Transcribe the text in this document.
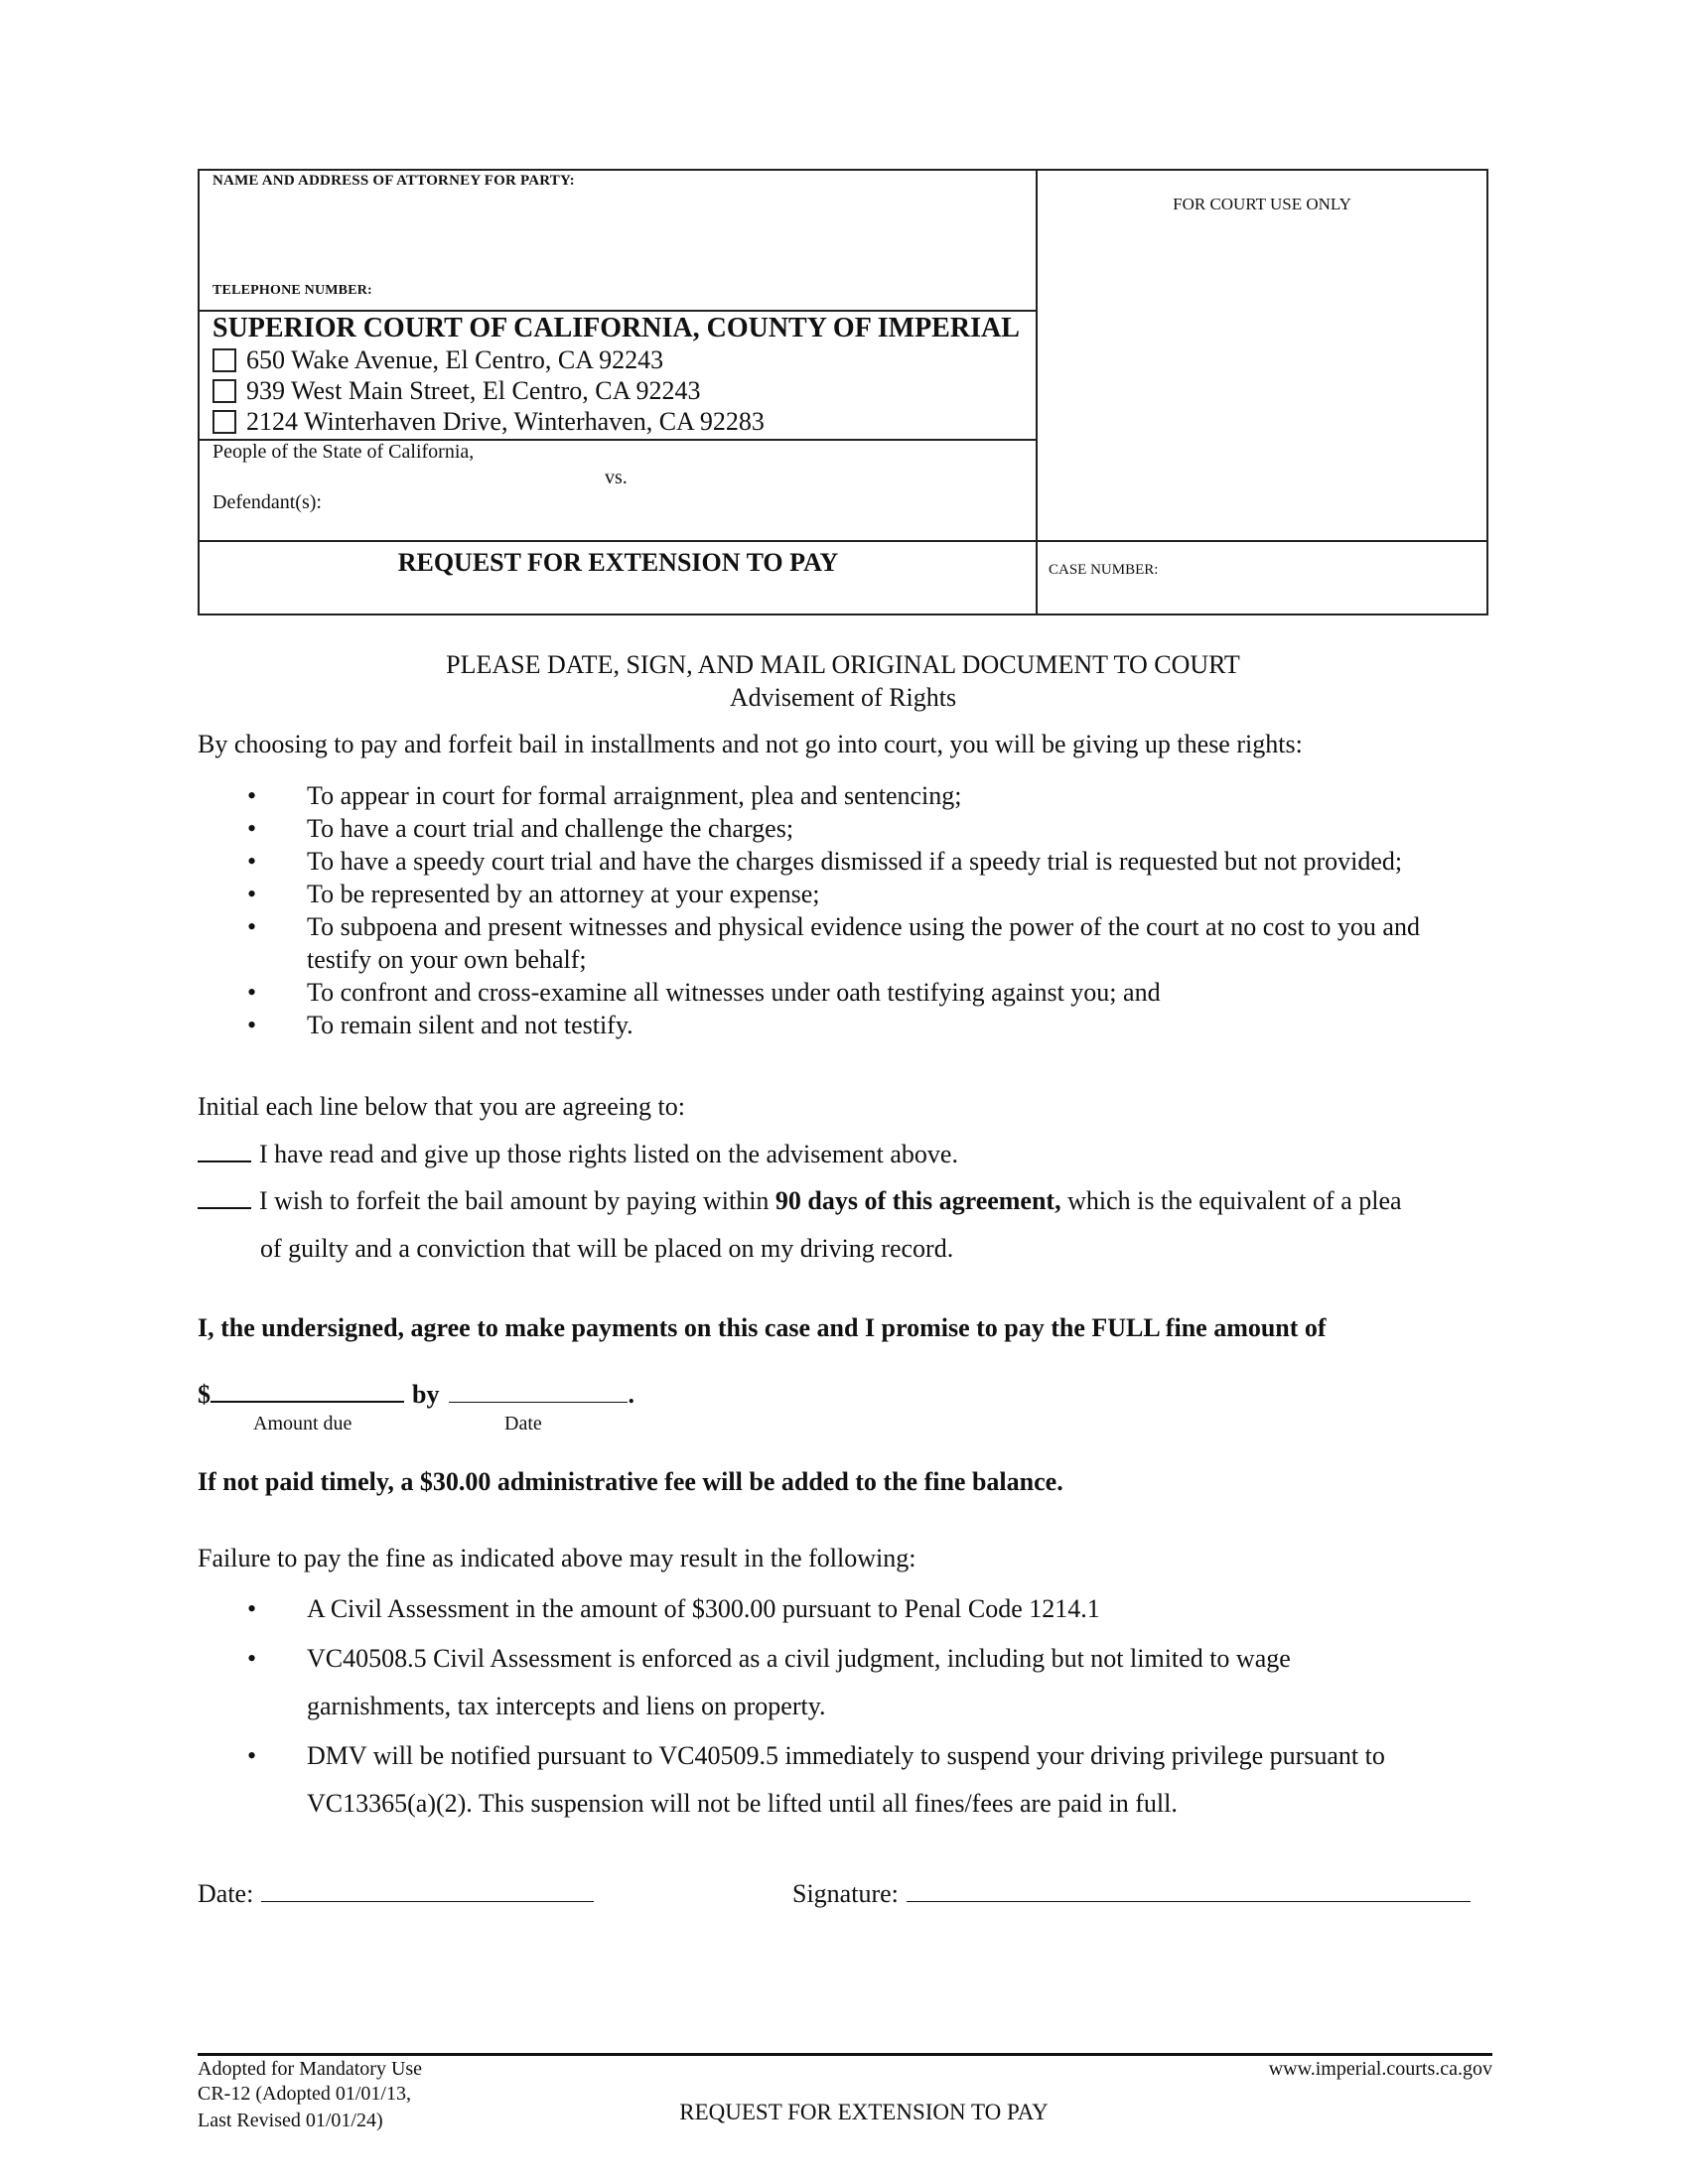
NAME AND ADDRESS OF ATTORNEY FOR PARTY:
TELEPHONE NUMBER:
FOR COURT USE ONLY
SUPERIOR COURT OF CALIFORNIA, COUNTY OF IMPERIAL
650 Wake Avenue, El Centro, CA 92243
939 West Main Street, El Centro, CA 92243
2124 Winterhaven Drive, Winterhaven, CA 92283
People of the State of California,
vs.
Defendant(s):
REQUEST FOR EXTENSION TO PAY	CASE NUMBER:
PLEASE DATE, SIGN, AND MAIL ORIGINAL DOCUMENT TO COURT
Advisement of Rights
By choosing to pay and forfeit bail in installments and not go into court, you will be giving up these rights:
• To appear in court for formal arraignment, plea and sentencing;
• To have a court trial and challenge the charges;
• To have a speedy court trial and have the charges dismissed if a speedy trial is requested but not provided;
• To be represented by an attorney at your expense;
• To subpoena and present witnesses and physical evidence using the power of the court at no cost to you and testify on your own behalf;
• To confront and cross-examine all witnesses under oath testifying against you; and
• To remain silent and not testify.
Initial each line below that you are agreeing to:
I have read and give up those rights listed on the advisement above.
I wish to forfeit the bail amount by paying within 90 days of this agreement, which is the equivalent of a plea
of guilty and a conviction that will be placed on my driving record.
I, the undersigned, agree to make payments on this case and I promise to pay the FULL fine amount of
$	by	.
Amount due	Date
If not paid timely, a $30.00 administrative fee will be added to the fine balance.
Failure to pay the fine as indicated above may result in the following:
• A Civil Assessment in the amount of $300.00 pursuant to Penal Code 1214.1
• VC40508.5 Civil Assessment is enforced as a civil judgment, including but not limited to wage garnishments, tax intercepts and liens on property.
• DMV will be notified pursuant to VC40509.5 immediately to suspend your driving privilege pursuant to VC13365(a)(2). This suspension will not be lifted until all fines/fees are paid in full.
Date:	Signature:
Adopted for Mandatory Use
CR-12 (Adopted 01/01/13,
Last Revised 01/01/24)	REQUEST FOR EXTENSION TO PAY
www.imperial.courts.ca.gov
